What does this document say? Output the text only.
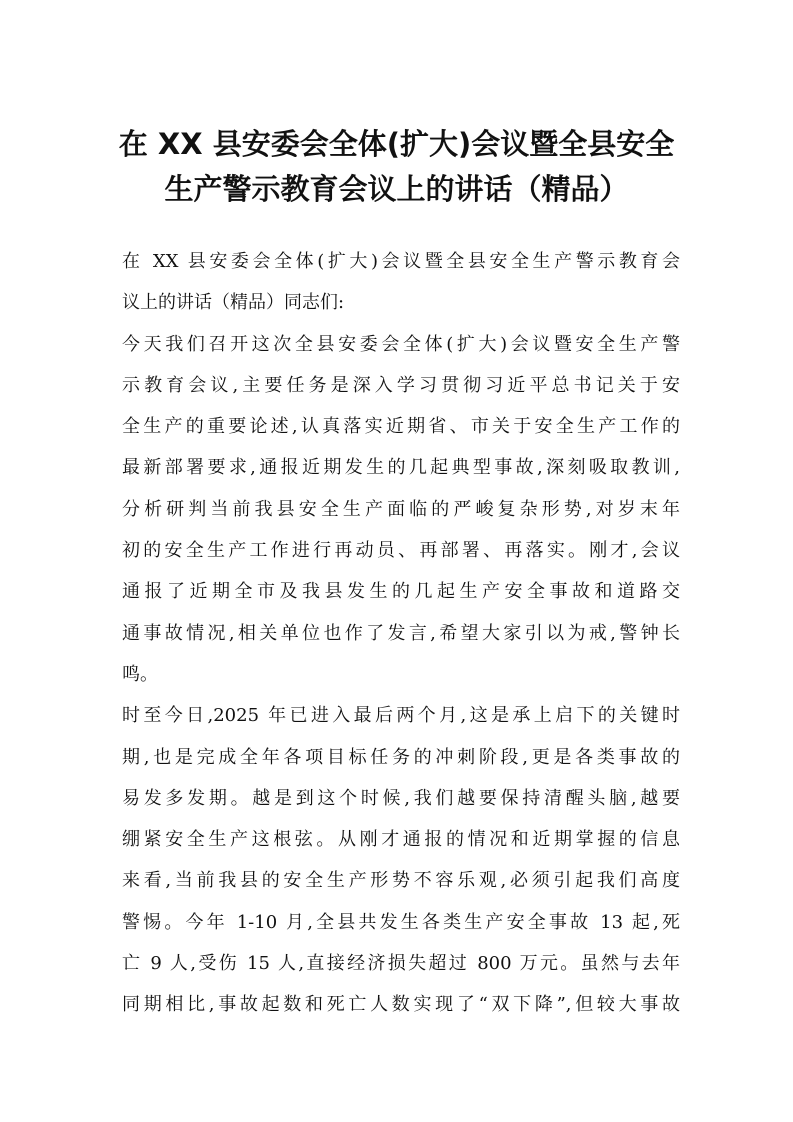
在 XX 县安委会全体(扩大)会议暨全县安全
生产警示教育会议上的讲话（精品）
在 XX 县安委会全体(扩大)会议暨全县安全生产警示教育会
议上的讲话（精品）同志们:
今天我们召开这次全县安委会全体(扩大)会议暨安全生产警
示教育会议,主要任务是深入学习贯彻习近平总书记关于安
全生产的重要论述,认真落实近期省、市关于安全生产工作的
最新部署要求,通报近期发生的几起典型事故,深刻吸取教训,
分析研判当前我县安全生产面临的严峻复杂形势,对岁末年
初的安全生产工作进行再动员、再部署、再落实。刚才,会议
通报了近期全市及我县发生的几起生产安全事故和道路交
通事故情况,相关单位也作了发言,希望大家引以为戒,警钟长
鸣。
时至今日,2025 年已进入最后两个月,这是承上启下的关键时
期,也是完成全年各项目标任务的冲刺阶段,更是各类事故的
易发多发期。越是到这个时候,我们越要保持清醒头脑,越要
绷紧安全生产这根弦。从刚才通报的情况和近期掌握的信息
来看,当前我县的安全生产形势不容乐观,必须引起我们高度
警惕。今年 1-10 月,全县共发生各类生产安全事故 13 起,死
亡 9 人,受伤 15 人,直接经济损失超过 800 万元。虽然与去年
同期相比,事故起数和死亡人数实现了“双下降”,但较大事故
